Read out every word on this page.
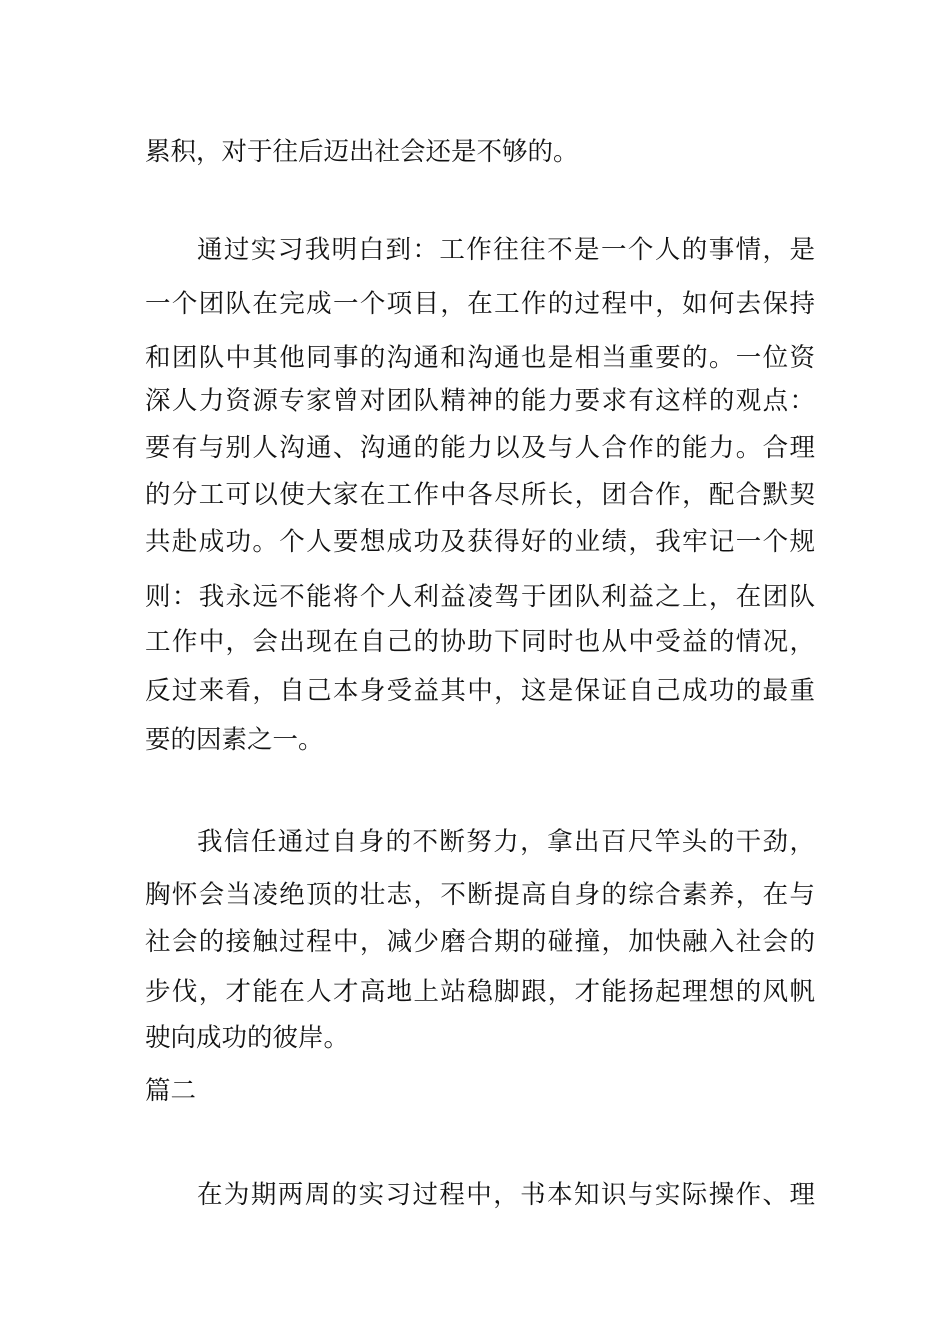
累积，对于往后迈出社会还是不够的。
通过实习我明白到：工作往往不是一个人的事情，是
一个团队在完成一个项目，在工作的过程中，如何去保持
和团队中其他同事的沟通和沟通也是相当重要的。一位资
深人力资源专家曾对团队精神的能力要求有这样的观点：
要有与别人沟通、沟通的能力以及与人合作的能力。合理
的分工可以使大家在工作中各尽所长，团合作，配合默契
共赴成功。个人要想成功及获得好的业绩，我牢记一个规
则：我永远不能将个人利益凌驾于团队利益之上，在团队
工作中，会出现在自己的协助下同时也从中受益的情况，
反过来看，自己本身受益其中，这是保证自己成功的最重
要的因素之一。
我信任通过自身的不断努力，拿出百尺竿头的干劲，
胸怀会当凌绝顶的壮志，不断提高自身的综合素养，在与
社会的接触过程中，减少磨合期的碰撞，加快融入社会的
步伐，才能在人才高地上站稳脚跟，才能扬起理想的风帆
驶向成功的彼岸。
篇二
在为期两周的实习过程中，书本知识与实际操作、理
